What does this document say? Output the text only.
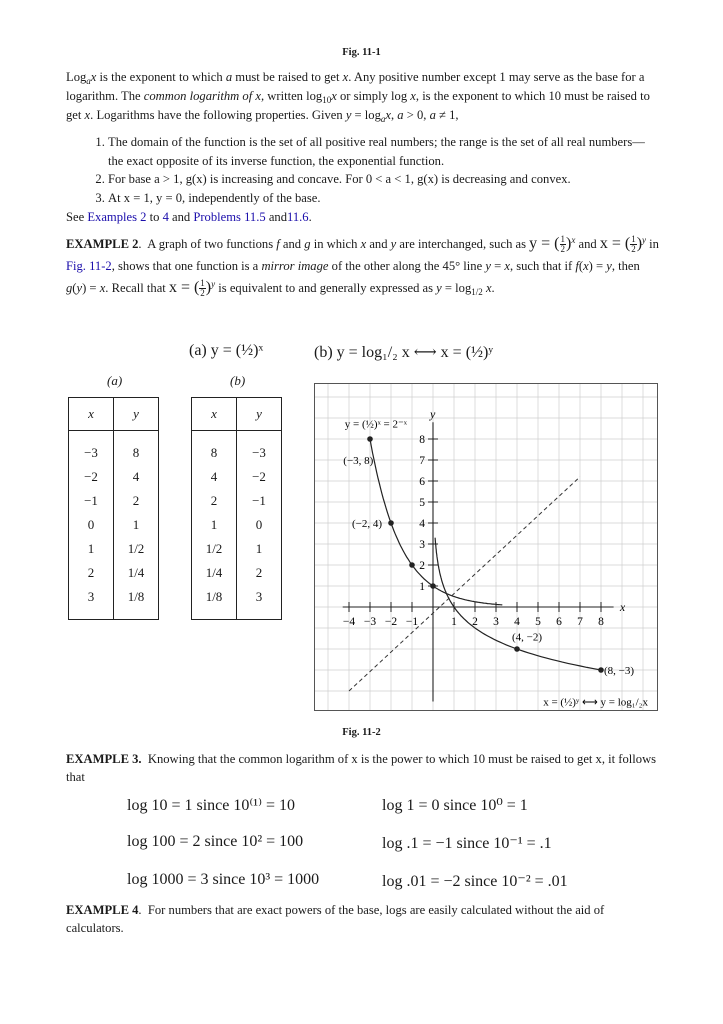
Fig. 11-1
Log$_a$x is the exponent to which a must be raised to get x. Any positive number except 1 may serve as the base for a logarithm. The common logarithm of x, written $\log_{10}x$ or simply log x, is the exponent to which 10 must be raised to get x. Logarithms have the following properties. Given $y = \log_ax$, a > 0, a ≠ 1,
1. The domain of the function is the set of all positive real numbers; the range is the set of all real numbers—the exact opposite of its inverse function, the exponential function.
2. For base a > 1, g(x) is increasing and concave. For 0 < a < 1, g(x) is decreasing and convex.
3. At x = 1, y = 0, independently of the base.
See Examples 2 to 4 and Problems 11.5 and11.6.
EXAMPLE 2.  A graph of two functions f and g in which x and y are interchanged, such as y = ( $\frac{1}{2} )^x$ and x = ( $\frac{1}{2} )^y$ in Fig. 11-2, shows that one function is a mirror image of the other along the 45° line y = x, such that if f(x) = y, then g(y) = x. Recall that x = ( $\frac{1}{2} )^y$ is equivalent to and generally expressed as $y = \log_{1/2} x$.
(a) y = (½)ˣ	(b) y = log₁/₂ x ⟷ x = (½)ʸ
(a)	(b)
x	y
−3	8
−2	4
−1	2
0	1
1	1/2
2	1/4
3	1/8
x	y
8	−3
4	−2
2	−1
1	0
1/2	1
1/4	2
1/8	3
x
y
−4 −3 −2 −1	1 2 3 4 5 6 7 8
1
2
3
4
5
6
7
8
y = (½)ˣ = 2⁻ˣ
(−3, 8)
(−2, 4)
(4, −2)
(8, −3)
x = (½)ʸ ⟷ y = log₁/₂x
Fig. 11-2
EXAMPLE 3. Knowing that the common logarithm of x is the power to which 10 must be raised to get x, it follows that
log 10 = 1 since 10⁽¹⁾ = 10
log 100 = 2 since 10² = 100
log 1000 = 3 since 10³ = 1000
log 1 = 0 since 10⁰ = 1
log .1 = −1 since 10⁻¹ = .1
log .01 = −2 since 10⁻² = .01
EXAMPLE 4.  For numbers that are exact powers of the base, logs are easily calculated without the aid of calculators.
